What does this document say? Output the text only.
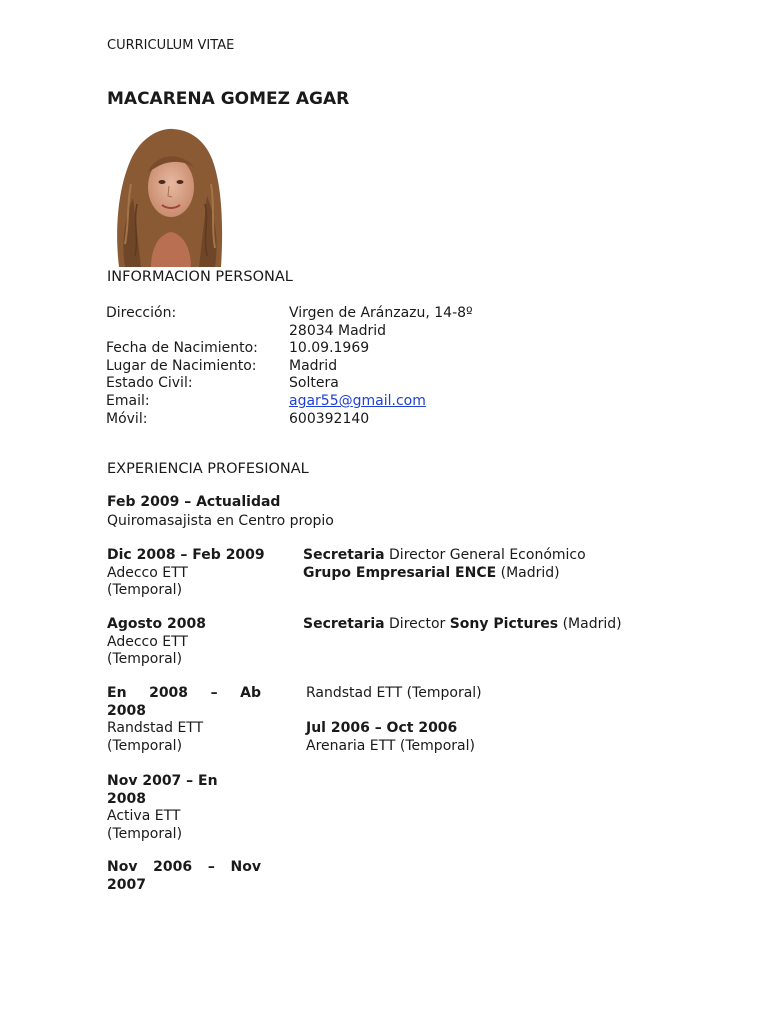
CURRICULUM VITAE
MACARENA GOMEZ AGAR
INFORMACION PERSONAL
Dirección:
Fecha de Nacimiento:
Lugar de Nacimiento:
Estado Civil:
Email:
Móvil:
Virgen de Aránzazu, 14-8º
28034 Madrid
10.09.1969
Madrid
Soltera
agar55@gmail.com
600392140
EXPERIENCIA PROFESIONAL
Feb 2009 – Actualidad
Quiromasajista en Centro propio
Dic 2008 – Feb 2009
Adecco ETT
(Temporal)
Secretaria Director General Económico
Grupo Empresarial ENCE (Madrid)
Agosto 2008
Adecco ETT
(Temporal)
Secretaria Director Sony Pictures (Madrid)
En 2008 – Ab
2008
Randstad ETT
(Temporal)
Randstad ETT (Temporal)
Jul 2006 – Oct 2006
Arenaria ETT (Temporal)
Nov 2007 – En
2008
Activa ETT
(Temporal)
Nov 2006 – Nov
2007
